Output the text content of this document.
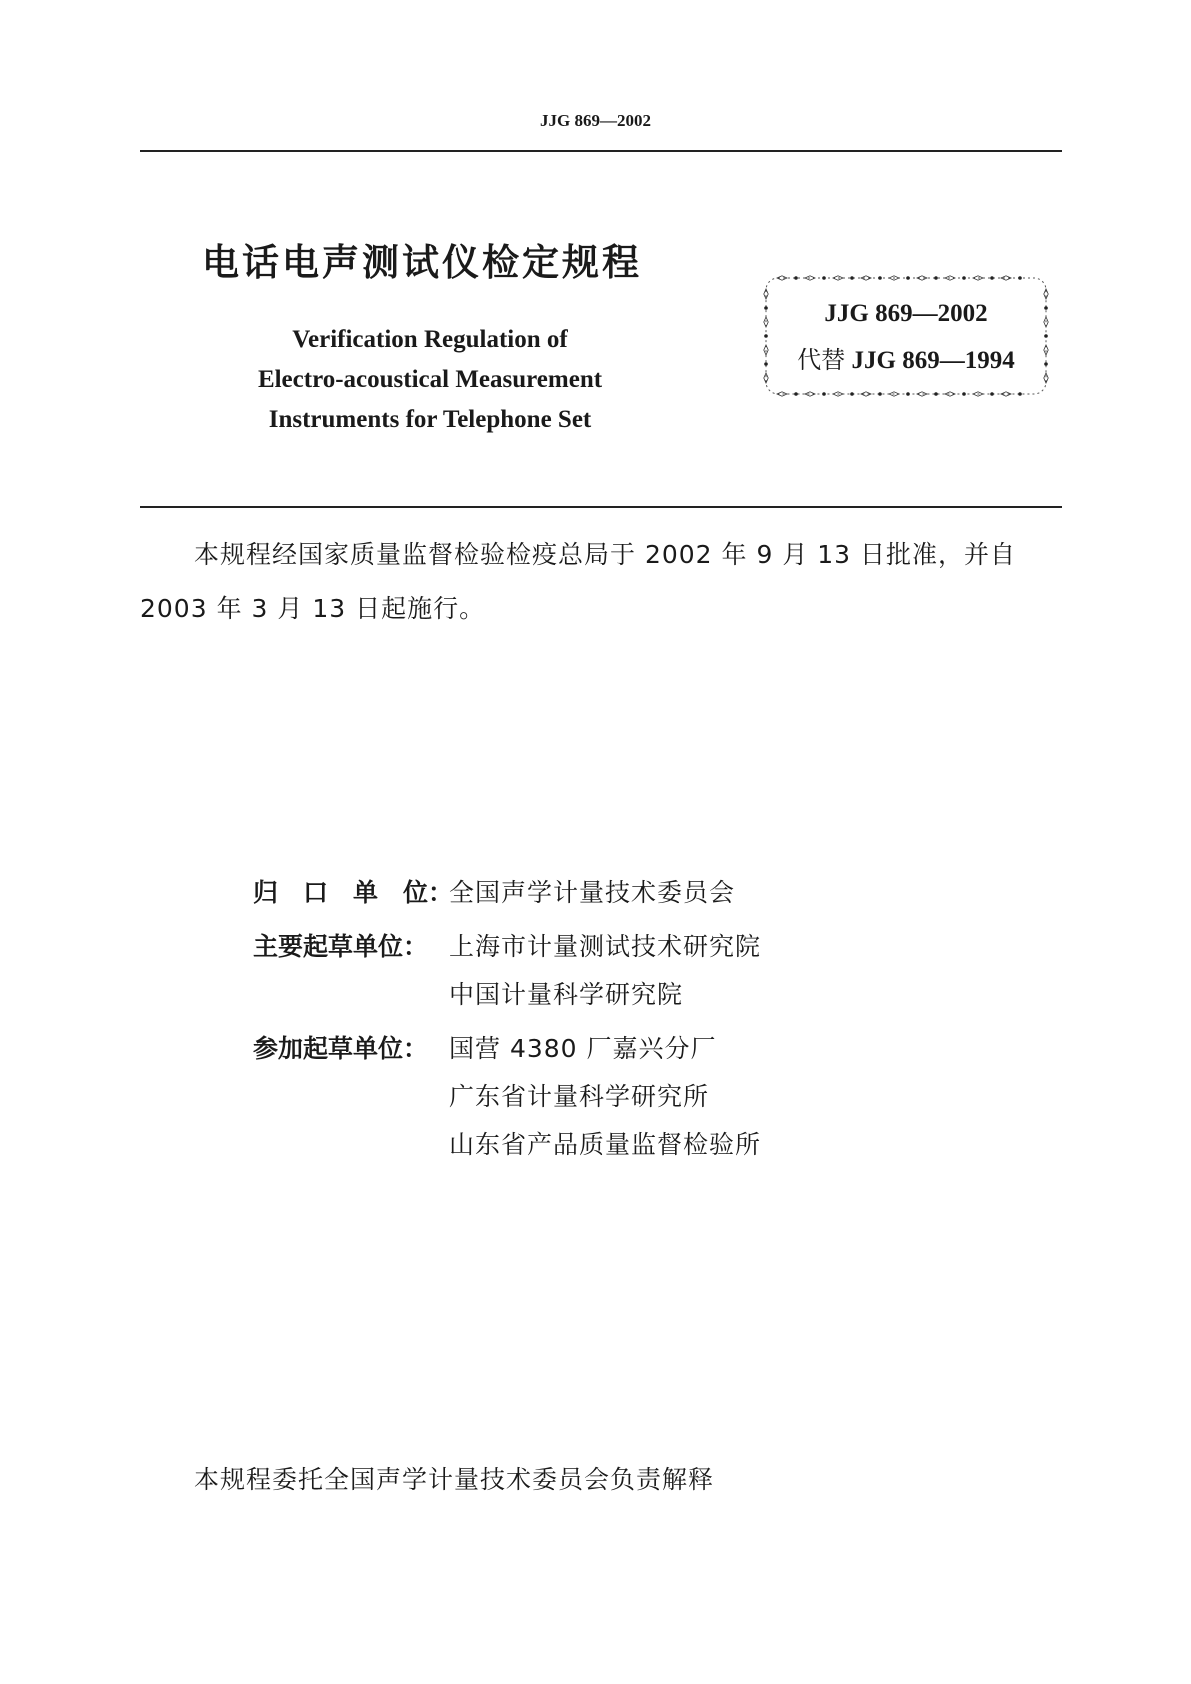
JJG 869—2002
电话电声测试仪检定规程
Verification Regulation of
Electro-acoustical Measurement
Instruments for Telephone Set
JJG 869—2002
代替 JJG 869—1994
本规程经国家质量监督检验检疫总局于 2002 年 9 月 13 日批准，并自 2003 年 3 月 13 日起施行。
归　口　单　位：
全国声学计量技术委员会
主要起草单位： 上海市计量测试技术研究院
中国计量科学研究院
参加起草单位： 国营 4380 厂嘉兴分厂
广东省计量科学研究所
山东省产品质量监督检验所
本规程委托全国声学计量技术委员会负责解释
